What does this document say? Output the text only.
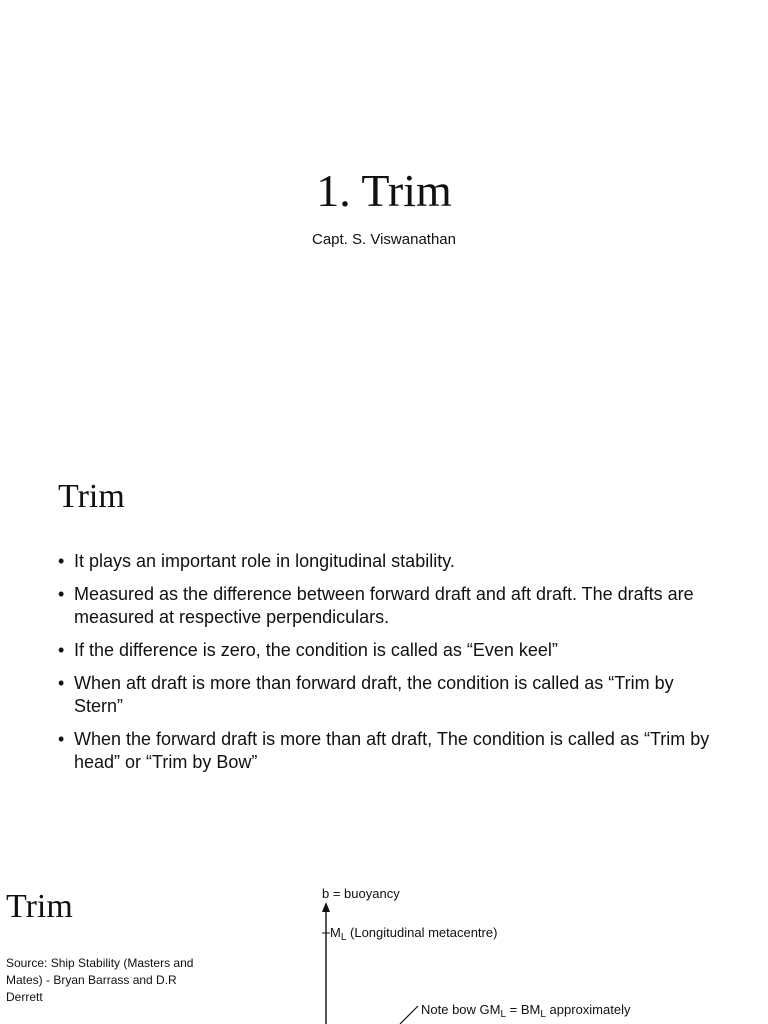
1. Trim
Capt. S. Viswanathan
Trim
• It plays an important role in longitudinal stability.
• Measured as the difference between forward draft and aft draft. The drafts are measured at respective perpendiculars.
• If the difference is zero, the condition is called as “Even keel”
• When aft draft is more than forward draft, the condition is called as “Trim by Stern”
• When the forward draft is more than aft draft, The condition is called as “Trim by head” or “Trim by Bow”
Trim
Source: Ship Stability (Masters and Mates) - Bryan Barrass and D.R Derrett
b = buoyancy
$M_L$ (Longitudinal metacentre)
Note bow $GM_L = BM_L$ approximately
